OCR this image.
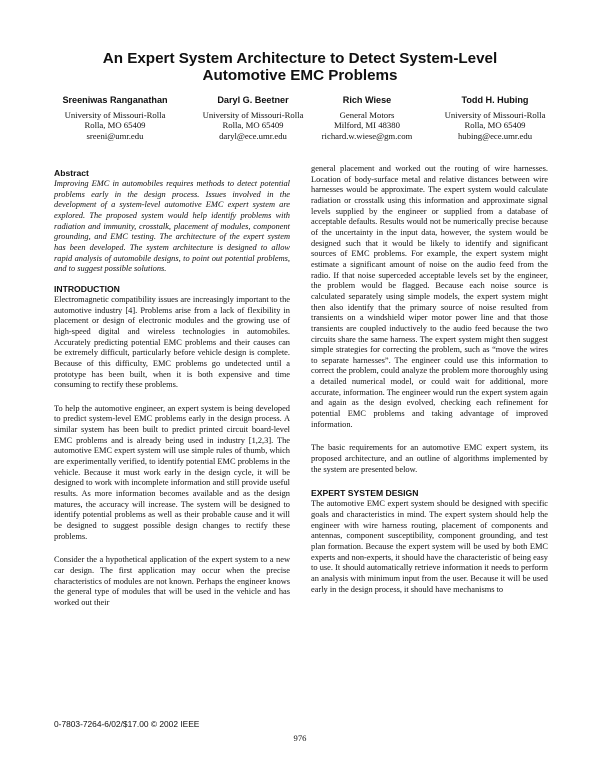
An Expert System Architecture to Detect System-Level
Automotive EMC Problems
Sreeniwas Ranganathan
University of Missouri-Rolla
Rolla, MO 65409
sreeni@umr.edu
Daryl G. Beetner
University of Missouri-Rolla
Rolla, MO 65409
daryl@ece.umr.edu
Rich Wiese
General Motors
Milford, MI 48380
richard.w.wiese@gm.com
Todd H. Hubing
University of Missouri-Rolla
Rolla, MO 65409
hubing@ece.umr.edu

Abstract

Improving EMC in automobiles requires methods to detect potential problems early in the design process. Issues involved in the development of a system-level automotive EMC expert system are explored. The proposed system would help identify problems with radiation and immunity, crosstalk, placement of modules, component grounding, and EMC testing. The architecture of the expert system has been developed. The system architecture is designed to allow rapid analysis of automobile designs, to point out potential problems, and to suggest possible solutions.

INTRODUCTION

Electromagnetic compatibility issues are increasingly important to the automotive industry [4]. Problems arise from a lack of flexibility in placement or design of electronic modules and the growing use of high-speed digital and wireless technologies in automobiles. Accurately predicting potential EMC problems and their causes can be extremely difficult, particularly before vehicle design is complete. Because of this difficulty, EMC problems go undetected until a prototype has been built, when it is both expensive and time consuming to rectify these problems.

To help the automotive engineer, an expert system is being developed to predict system-level EMC problems early in the design process. A similar system has been built to predict printed circuit board-level EMC problems and is already being used in industry [1,2,3]. The automotive EMC expert system will use simple rules of thumb, which are experimentally verified, to identify potential EMC problems in the vehicle. Because it must work early in the design cycle, it will be designed to work with incomplete information and still provide useful results. As more information becomes available and as the design matures, the accuracy will increase. The system will be designed to identify potential problems as well as their probable cause and it will be designed to suggest possible design changes to rectify these problems.

Consider the a hypothetical application of the expert system to a new car design. The first application may occur when the precise characteristics of modules are not known. Perhaps the engineer knows the general type of modules that will be used in the vehicle and has worked out their

general placement and worked out the routing of wire harnesses. Location of body-surface metal and relative distances between wire harnesses would be approximate. The expert system would calculate radiation or crosstalk using this information and approximate signal levels supplied by the engineer or supplied from a database of acceptable defaults. Results would not be numerically precise because of the uncertainty in the input data, however, the system would be designed such that it would be likely to identify and significant sources of EMC problems. For example, the expert system might estimate a significant amount of noise on the audio feed from the radio. If that noise superceded acceptable levels set by the engineer, the problem would be flagged. Because each noise source is calculated separately using simple models, the expert system might then also identify that the primary source of noise resulted from transients on a windshield wiper motor power line and that those transients are coupled inductively to the audio feed because the two circuits share the same harness. The expert system might then suggest simple strategies for correcting the problem, such as “move the wires to separate harnesses”. The engineer could use this information to correct the problem, could analyze the problem more thoroughly using a detailed numerical model, or could wait for additional, more accurate, information. The engineer would run the expert system again and again as the design evolved, checking each refinement for potential EMC problems and taking advantage of improved information.

The basic requirements for an automotive EMC expert system, its proposed architecture, and an outline of algorithms implemented by the system are presented below.

EXPERT SYSTEM DESIGN

The automotive EMC expert system should be designed with specific goals and characteristics in mind. The expert system should help the engineer with wire harness routing, placement of components and antennas, component susceptibility, component grounding, and test plan formation. Because the expert system will be used by both EMC experts and non-experts, it should have the characteristic of being easy to use. It should automatically retrieve information it needs to perform an analysis with minimum input from the user. Because it will be used early in the design process, it should have mechanisms to

0-7803-7264-6/02/$17.00 © 2002 IEEE
976
